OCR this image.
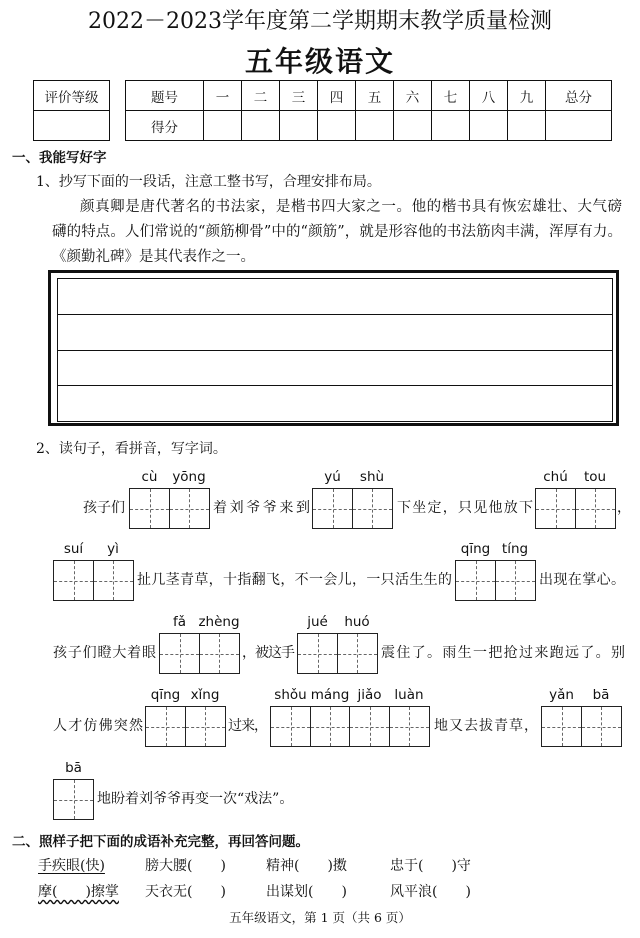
2022－2023学年度第二学期期末教学质量检测
五年级语文
评价等级	题号	一	二	三	四	五	六	七	八	九	总分
得分										
一、我能写好字
1、抄写下面的一段话，注意工整书写，合理安排布局。
颜真卿是唐代著名的书法家，是楷书四大家之一。他的楷书具有恢宏雄壮、大气磅
礴的特点。人们常说的“颜筋柳骨”中的“颜筋”，就是形容他的书法筋肉丰满，浑厚有力。
《颜勤礼碑》是其代表作之一。
2、读句子，看拼音，写字词。
孩子们
cù yōng
着刘爷爷来到
yú shù
下坐定，只见他放下
chú tou
，
suí yì
扯几茎青草，十指翻飞，不一会儿，一只活生生的
qīng tíng
出现在掌心。
孩子们瞪大着眼
fǎ zhèng
，被这手
jué huó
震住了。雨生一把抢过来跑远了。别
人才仿佛突然
qīng xǐng
过来，
shǒu máng jiǎo luàn
地又去拔青草，
yǎn bā
bā
地盼着刘爷爷再变一次“戏法”。
二、照样子把下面的成语补充完整，再回答问题。
手疾眼(快)	膀大腰(　　)	精神(　　)擞	忠于(　　)守
摩(　　)擦掌 天衣无(　　)	出谋划(　　)	风平浪(　　)
五年级语文，第 1 页（共 6 页）
